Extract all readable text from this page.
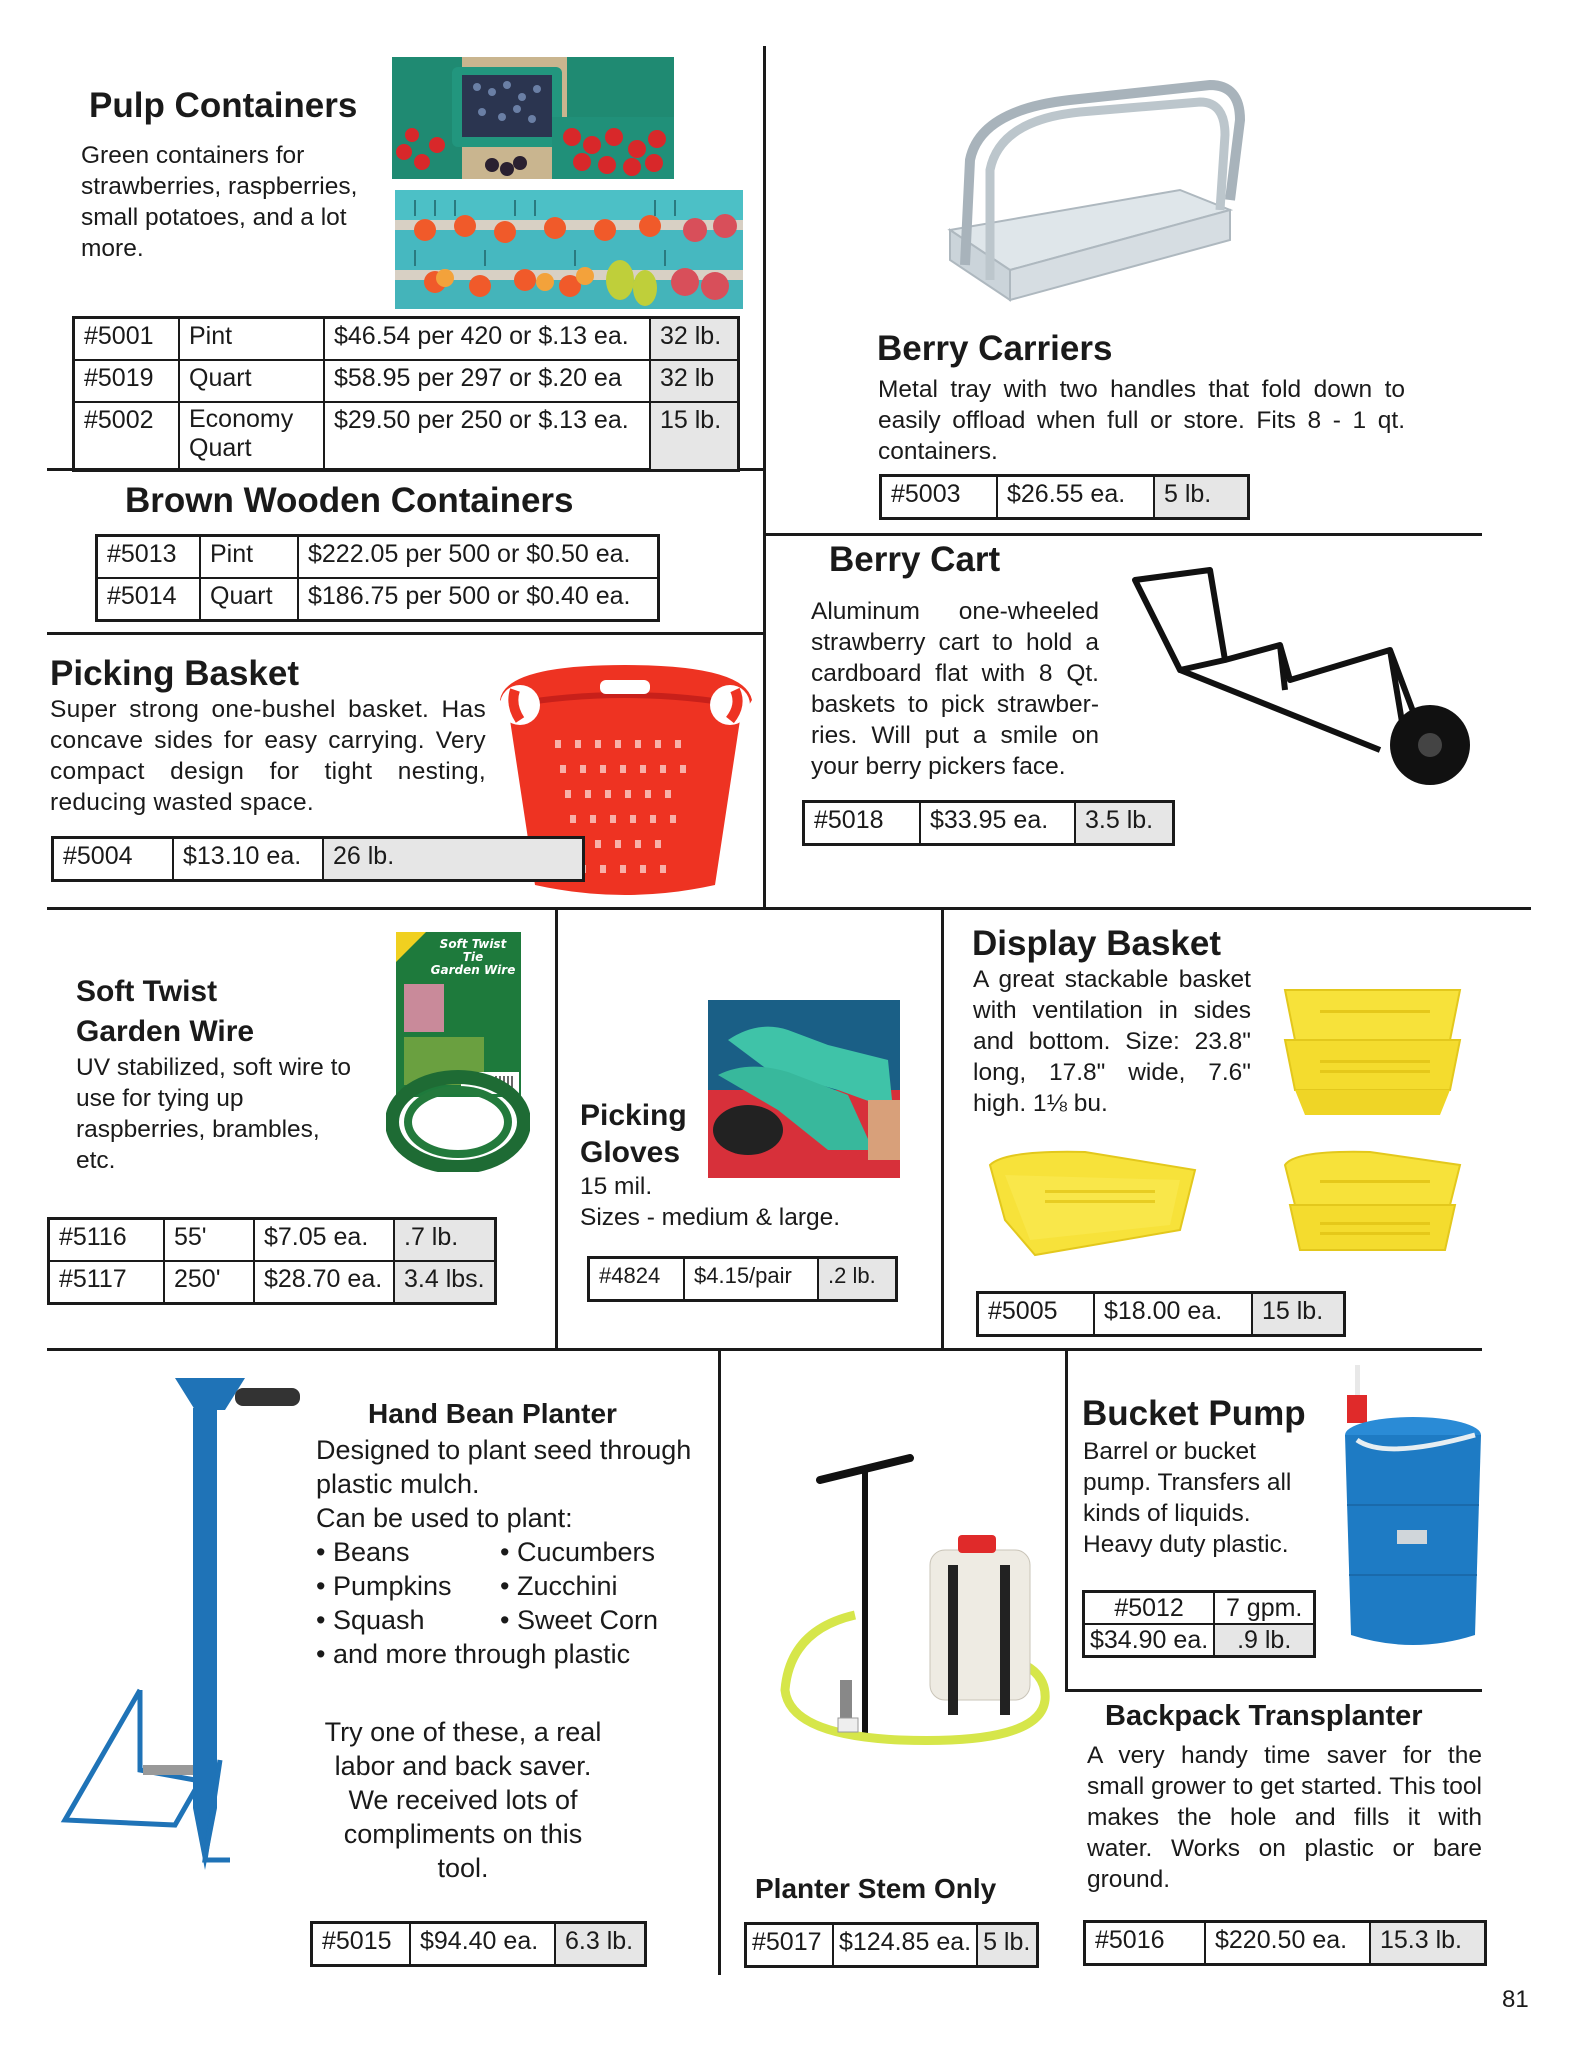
Pulp Containers
Green containers for strawberries, raspberries, small potatoes, and a lot more.
#5001	Pint	$46.54 per 420 or $.13 ea.	32 lb.
#5019	Quart	$58.95 per 297 or $.20 ea	32 lb
#5002	Economy Quart	$29.50 per 250 or $.13 ea.	15 lb.
Brown Wooden Containers
#5013	Pint	$222.05 per 500 or $0.50 ea.
#5014	Quart	$186.75 per 500 or $0.40 ea.
Picking Basket
Super strong one-bushel basket. Has concave sides for easy carrying. Very compact design for tight nesting, reducing wasted space.
#5004	$13.10 ea.	26 lb.
Berry Carriers
Metal tray with two handles that fold down to easily offload when full or store. Fits 8 - 1 qt. containers.
#5003	$26.55 ea.	5 lb.
Berry Cart
Aluminum one-wheeled strawberry cart to hold a cardboard flat with 8 Qt. baskets to pick strawber- ries. Will put a smile on your berry pickers face.
#5018	$33.95 ea.	3.5 lb.
Soft Twist
Garden Wire
UV stabilized, soft wire to use for tying up raspberries, brambles, etc.
Soft Twist Tie
Garden Wire
#5116	55'	$7.05 ea.	.7 lb.
#5117	250'	$28.70 ea.	3.4 lbs.
Picking
Gloves
15 mil.
Sizes - medium & large.
#4824	$4.15/pair	.2 lb.
Display Basket
A great stackable basket with ventilation in sides and bottom. Size: 23.8" long, 17.8" wide, 7.6" high. 1⅛ bu.
#5005	$18.00 ea.	15 lb.
Hand Bean Planter
Designed to plant seed through plastic mulch.
Can be used to plant:
• Beans
• Pumpkins
• Squash
• Cucumbers
• Zucchini
• Sweet Corn
• and more through plastic
Try one of these, a real labor and back saver. We received lots of compliments on this tool.
#5015	$94.40 ea.	6.3 lb.
Planter Stem Only
#5017	$124.85 ea.	5 lb.
Bucket Pump
Barrel or bucket pump. Transfers all kinds of liquids. Heavy duty plastic.
#5012	7 gpm.
$34.90 ea.	.9 lb.
Backpack Transplanter
A very handy time saver for the small grower to get started. This tool makes the hole and fills it with water. Works on plastic or bare ground.
#5016	$220.50 ea.	15.3 lb.
81
